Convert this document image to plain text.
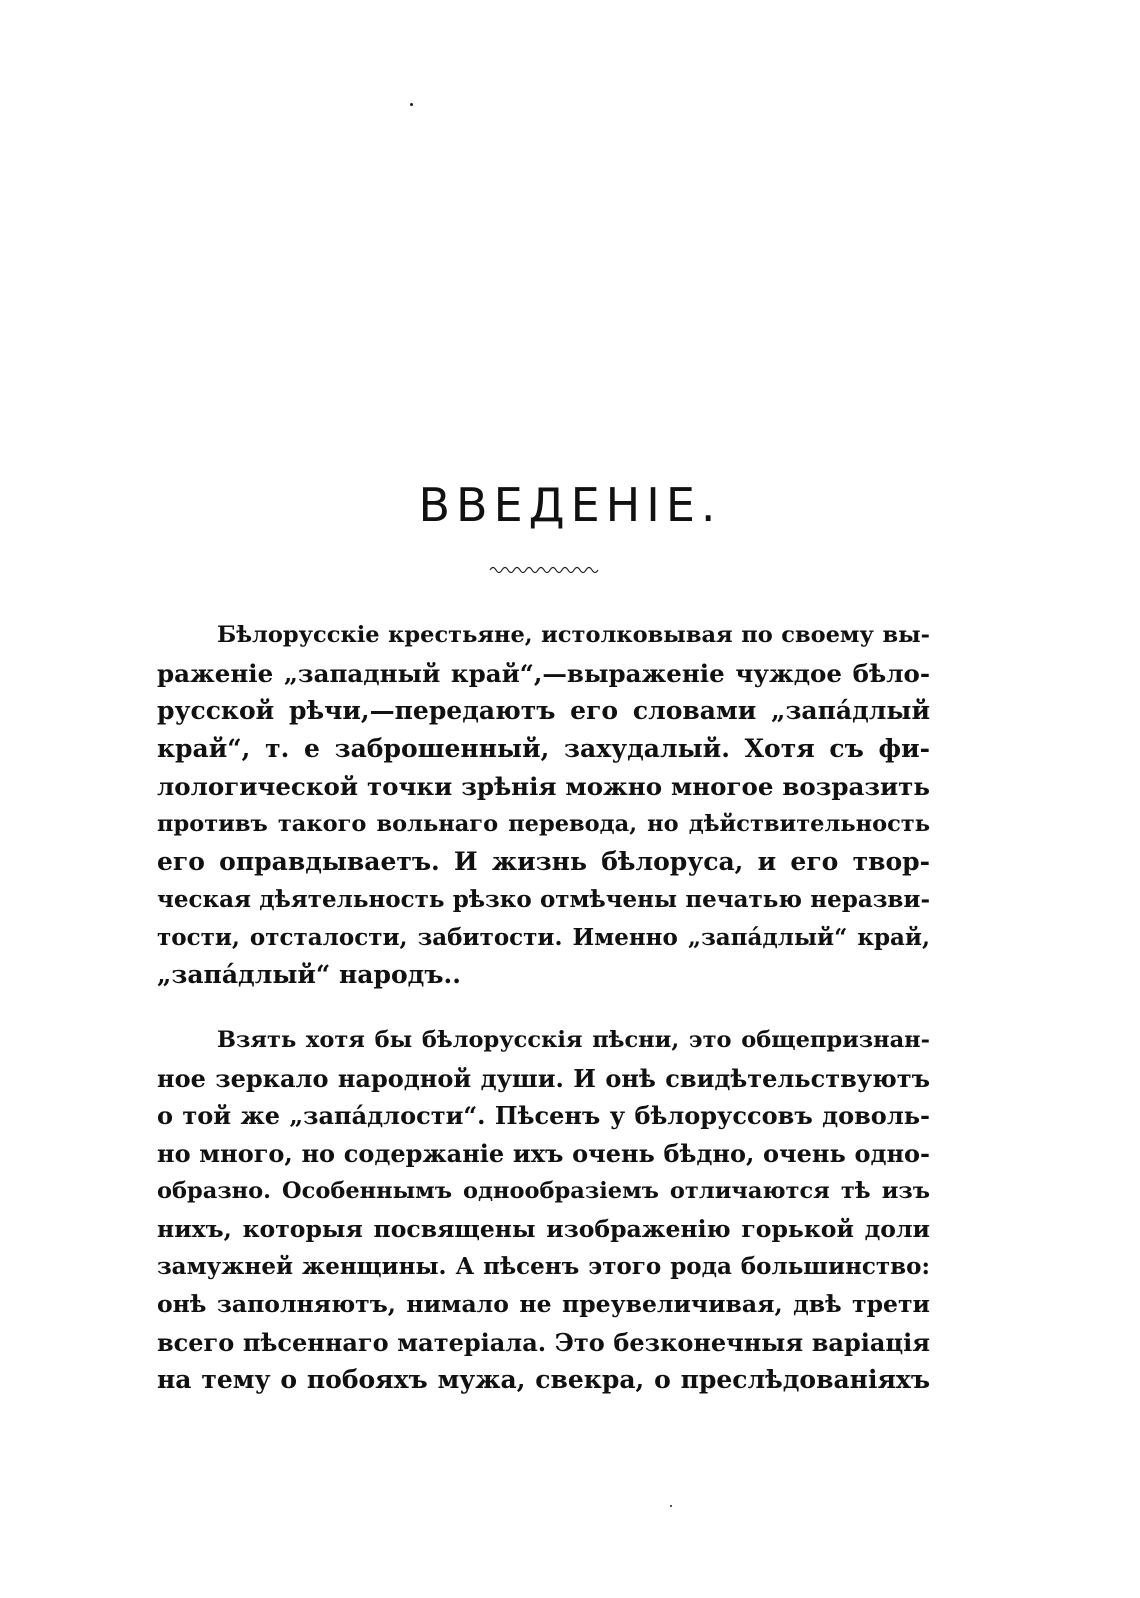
ВВЕДЕНIЕ.
Бѣлорусскіе крестьяне, истолковывая по своему вы-
раженіе „западный край“,—выраженіе чуждое бѣло-
русской рѣчи,—передаютъ его словами „запа́длый
край“, т. е заброшенный, захудалый. Хотя съ фи-
лологической точки зрѣнія можно многое возразить
противъ такого вольнаго перевода, но дѣйствительность
его оправдываетъ. И жизнь бѣлоруса, и его твор-
ческая дѣятельность рѣзко отмѣчены печатью неразви-
тости, отсталости, забитости. Именно „запа́длый“ край,
„запа́длый“ народъ..
Взять хотя бы бѣлорусскія пѣсни, это общепризнан-
ное зеркало народной души. И онѣ свидѣтельствуютъ
о той же „запа́длости“. Пѣсенъ у бѣлоруссовъ доволь-
но много, но содержаніе ихъ очень бѣдно, очень одно-
образно. Особеннымъ однообразіемъ отличаются тѣ изъ
нихъ, которыя посвящены изображенію горькой доли
замужней женщины. А пѣсенъ этого рода большинство:
онѣ заполняютъ, нимало не преувеличивая, двѣ трети
всего пѣсеннаго матеріала. Это безконечныя варіація
на тему о побояхъ мужа, свекра, о преслѣдованіяхъ
